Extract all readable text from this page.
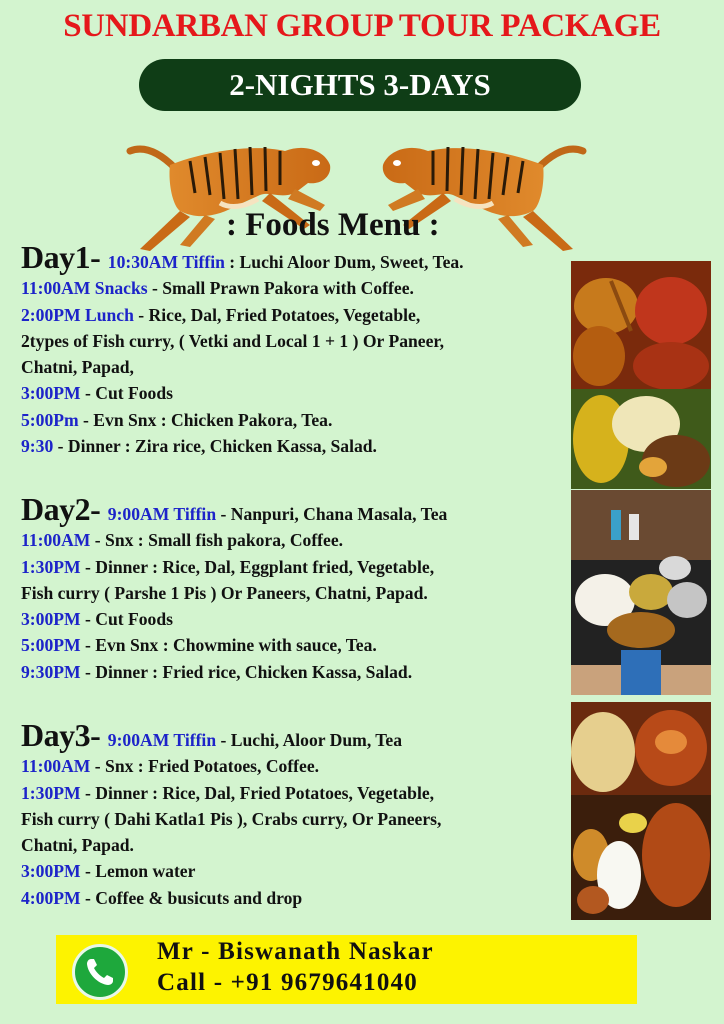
SUNDARBAN GROUP TOUR PACKAGE
2-NIGHTS 3-DAYS
: Foods Menu :
Day1- 10:30AM Tiffin : Luchi Aloor Dum, Sweet, Tea.
11:00AM Snacks - Small Prawn Pakora with Coffee.
2:00PM Lunch - Rice, Dal, Fried Potatoes, Vegetable,
2types of Fish curry, ( Vetki and Local 1 + 1 ) Or Paneer,
Chatni, Papad,
3:00PM - Cut Foods
5:00Pm - Evn Snx : Chicken Pakora, Tea.
9:30 - Dinner : Zira rice, Chicken Kassa, Salad.
Day2- 9:00AM Tiffin - Nanpuri, Chana Masala, Tea
11:00AM - Snx : Small fish pakora, Coffee.
1:30PM - Dinner : Rice, Dal, Eggplant fried, Vegetable,
Fish curry ( Parshe 1 Pis ) Or Paneers, Chatni, Papad.
3:00PM - Cut Foods
5:00PM - Evn Snx : Chowmine with sauce, Tea.
9:30PM - Dinner : Fried rice, Chicken Kassa, Salad.
Day3- 9:00AM Tiffin - Luchi, Aloor Dum, Tea
11:00AM - Snx : Fried Potatoes, Coffee.
1:30PM - Dinner : Rice, Dal, Fried Potatoes, Vegetable,
Fish curry ( Dahi Katla1 Pis ), Crabs curry, Or Paneers,
Chatni, Papad.
3:00PM - Lemon water
4:00PM - Coffee & busicuts and drop
Mr - Biswanath Naskar
Call - +91 9679641040
